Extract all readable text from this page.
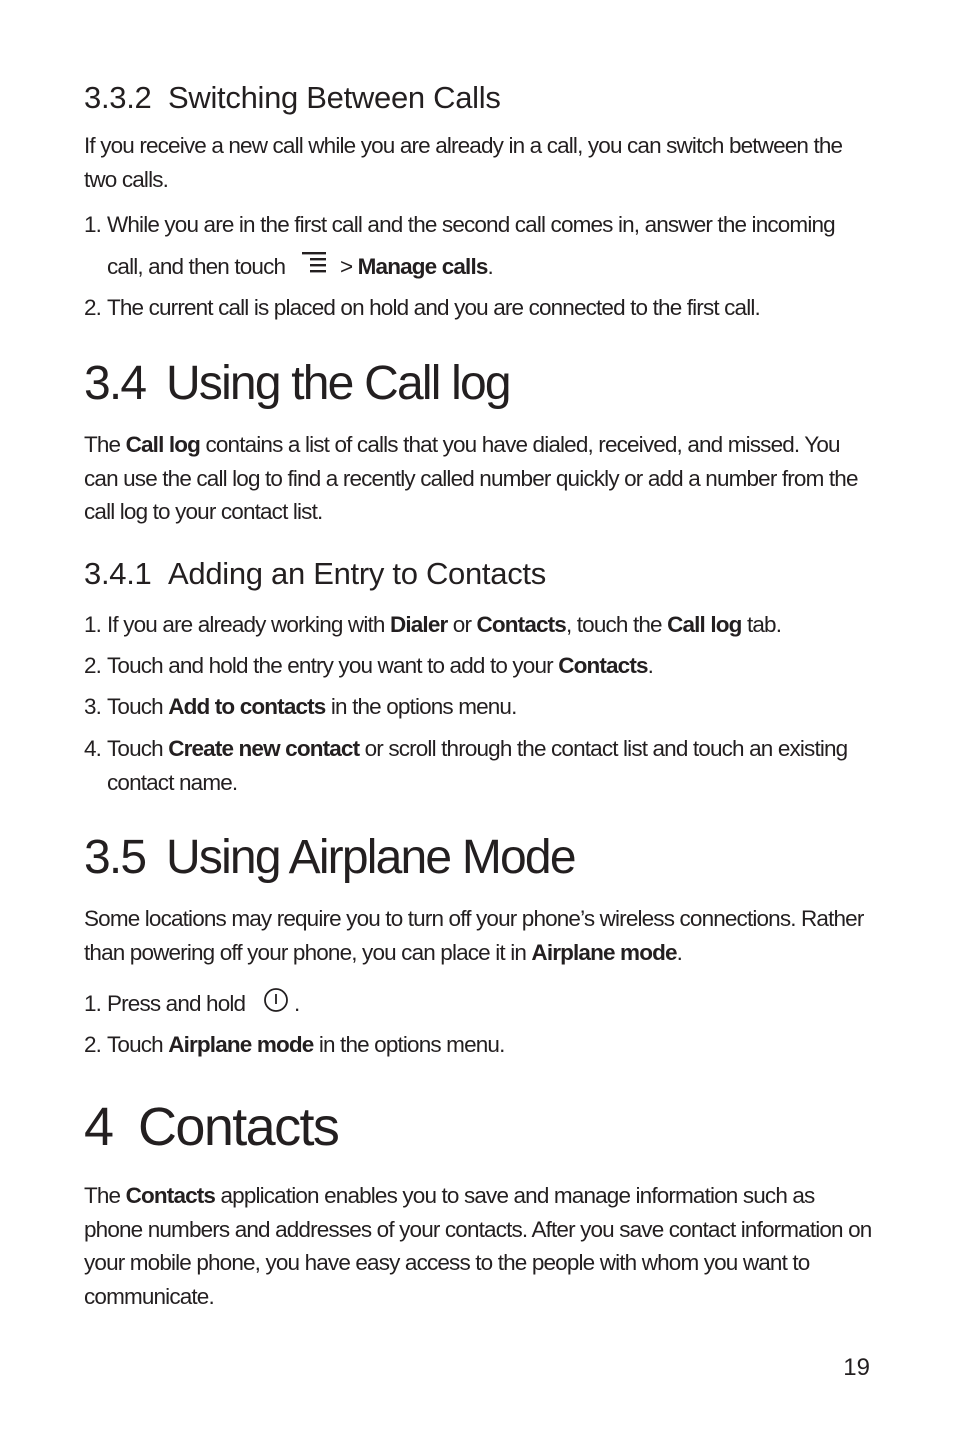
3.3.2 Switching Between Calls
If you receive a new call while you are already in a call, you can switch between the two calls.
1. While you are in the first call and the second call comes in, answer the incoming call, and then touch  > Manage calls.
2. The current call is placed on hold and you are connected to the first call.
3.4 Using the Call log
The Call log contains a list of calls that you have dialed, received, and missed. You can use the call log to find a recently called number quickly or add a number from the call log to your contact list.
3.4.1 Adding an Entry to Contacts
1. If you are already working with Dialer or Contacts, touch the Call log tab.
2. Touch and hold the entry you want to add to your Contacts.
3. Touch Add to contacts in the options menu.
4. Touch Create new contact or scroll through the contact list and touch an existing contact name.
3.5 Using Airplane Mode
Some locations may require you to turn off your phone’s wireless connections. Rather than powering off your phone, you can place it in Airplane mode.
1. Press and hold  .
2. Touch Airplane mode in the options menu.
4 Contacts
The Contacts application enables you to save and manage information such as phone numbers and addresses of your contacts. After you save contact information on your mobile phone, you have easy access to the people with whom you want to communicate.
19
